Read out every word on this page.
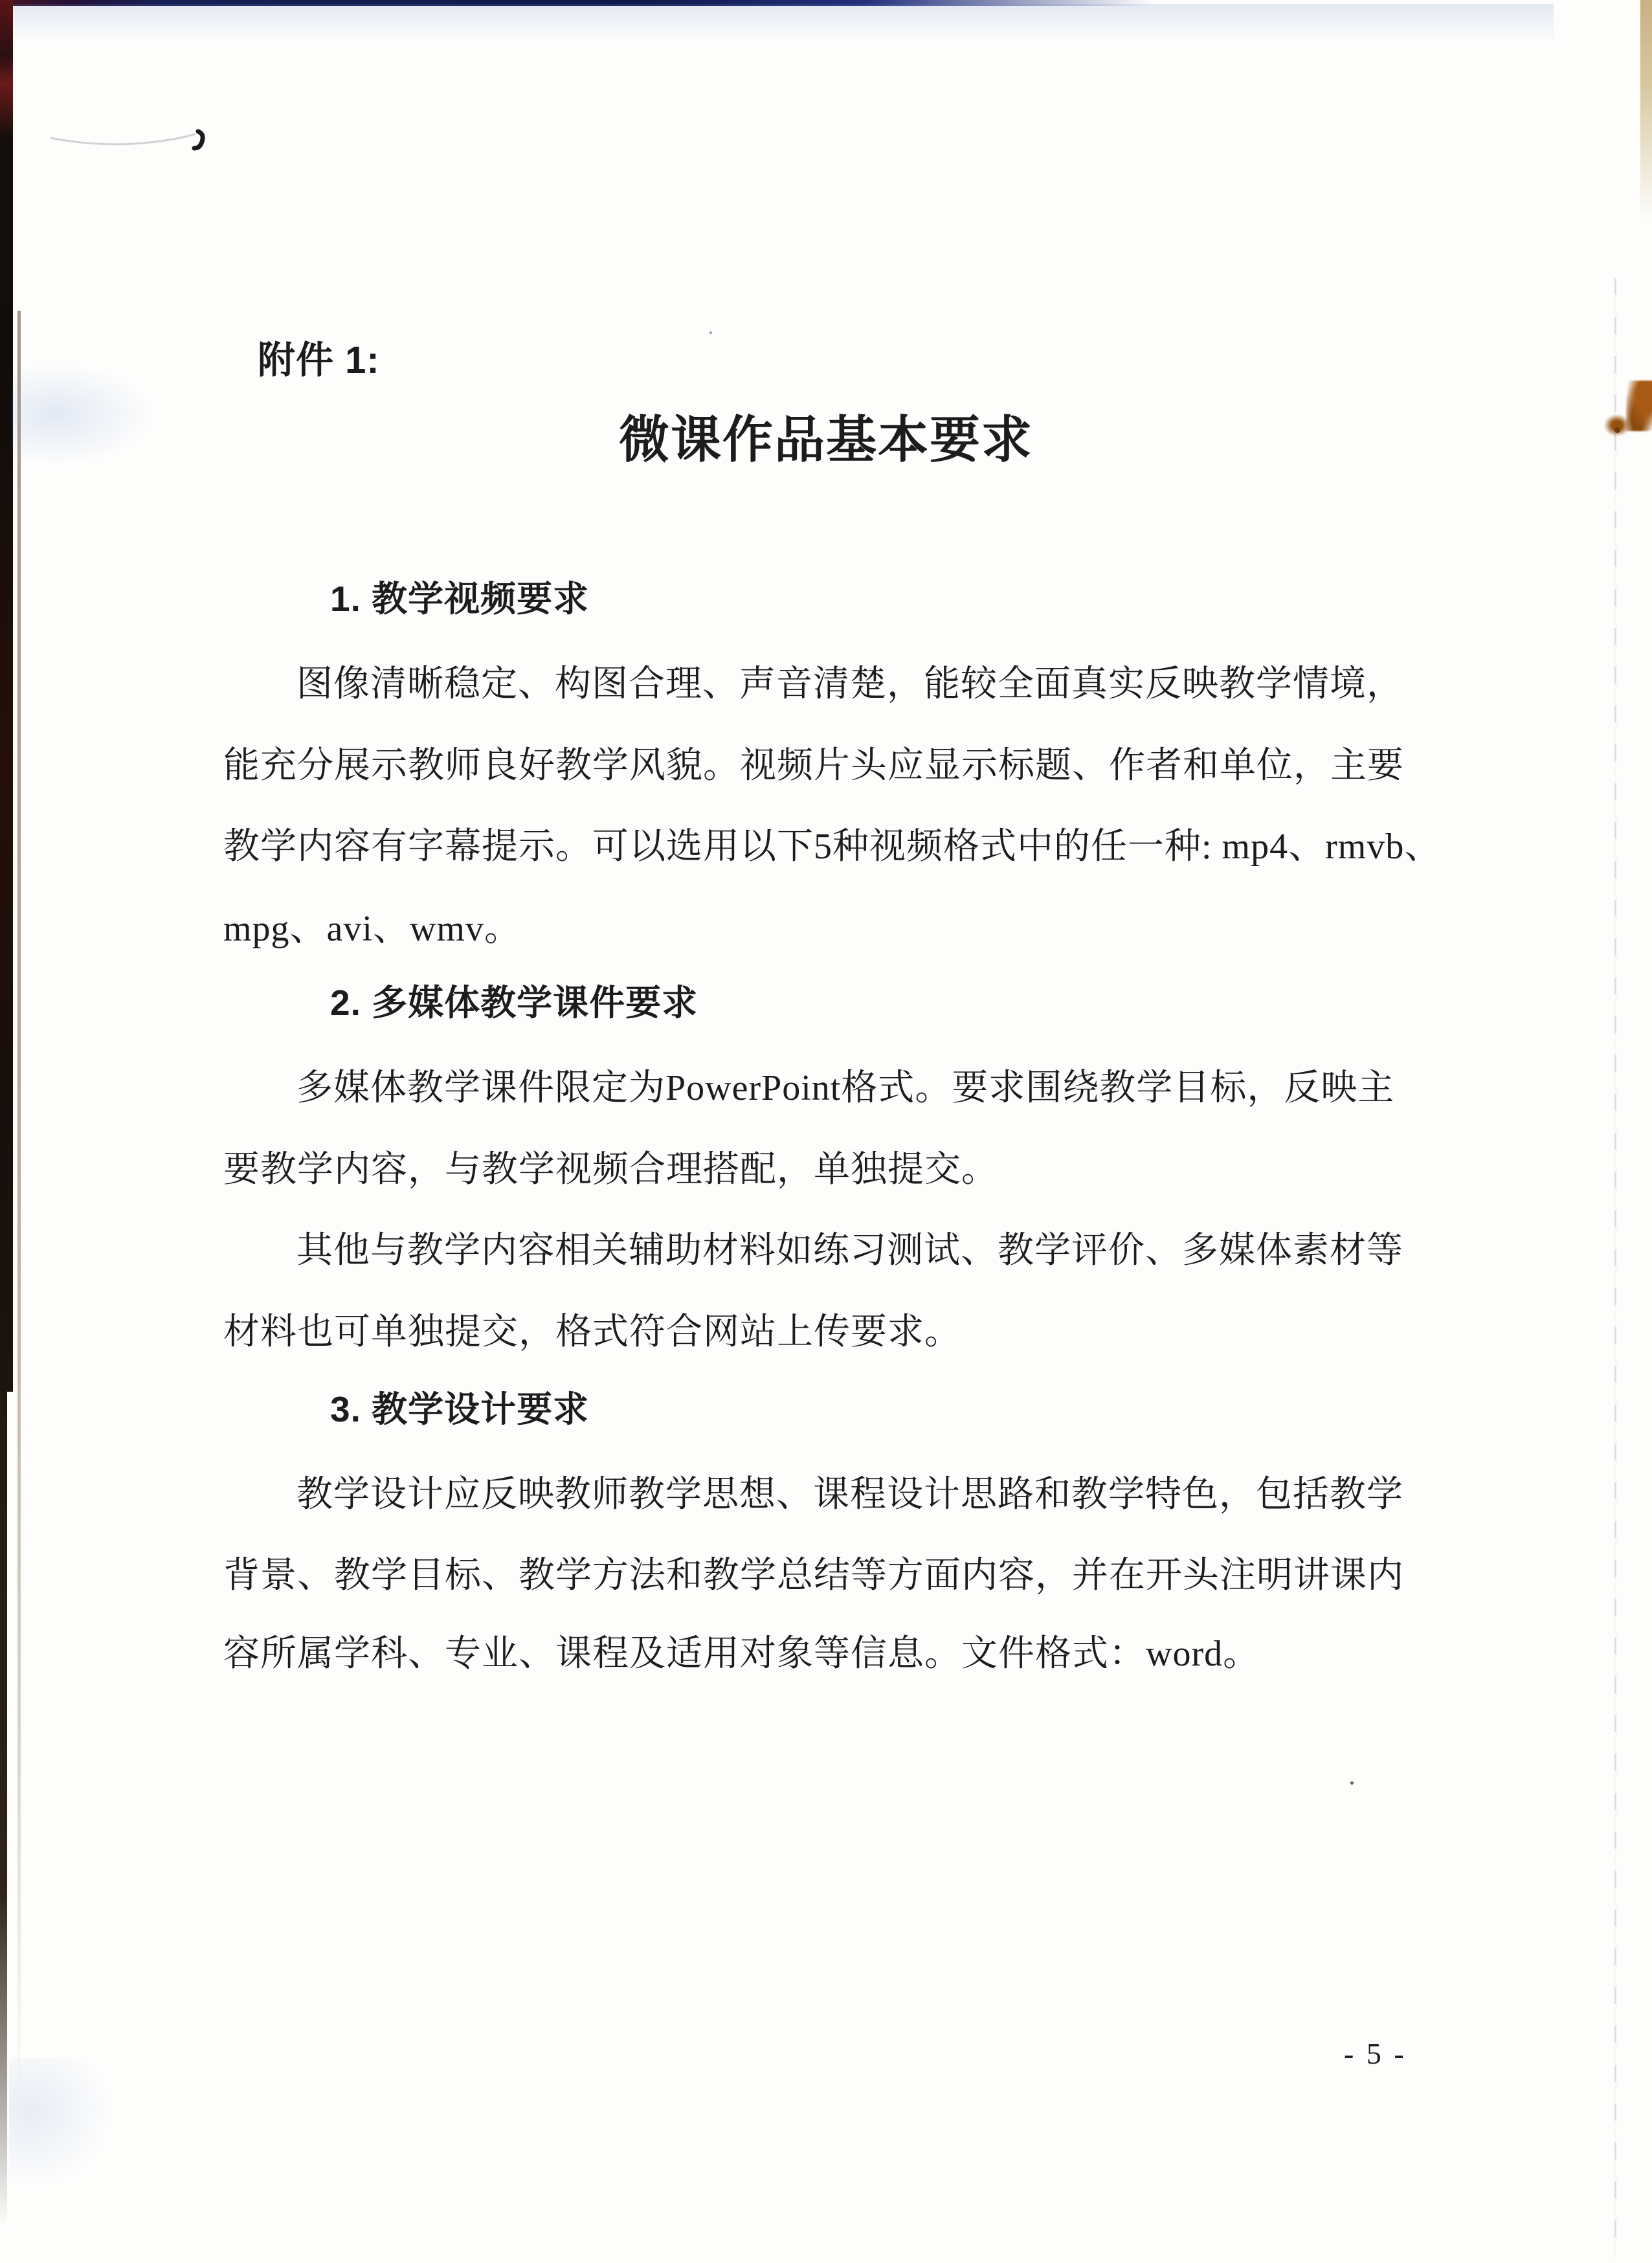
附件 1:
微课作品基本要求
1. 教学视频要求
图像清晰稳定、构图合理、声音清楚，能较全面真实反映教学情境，
能充分展示教师良好教学风貌。视频片头应显示标题、作者和单位，主要
教学内容有字幕提示。可以选用以下5种视频格式中的任一种: mp4、rmvb、
mpg、avi、wmv。
2. 多媒体教学课件要求
多媒体教学课件限定为PowerPoint格式。要求围绕教学目标，反映主
要教学内容，与教学视频合理搭配，单独提交。
其他与教学内容相关辅助材料如练习测试、教学评价、多媒体素材等
材料也可单独提交，格式符合网站上传要求。
3. 教学设计要求
教学设计应反映教师教学思想、课程设计思路和教学特色，包括教学
背景、教学目标、教学方法和教学总结等方面内容，并在开头注明讲课内
容所属学科、专业、课程及适用对象等信息。文件格式：word。
- 5 -
